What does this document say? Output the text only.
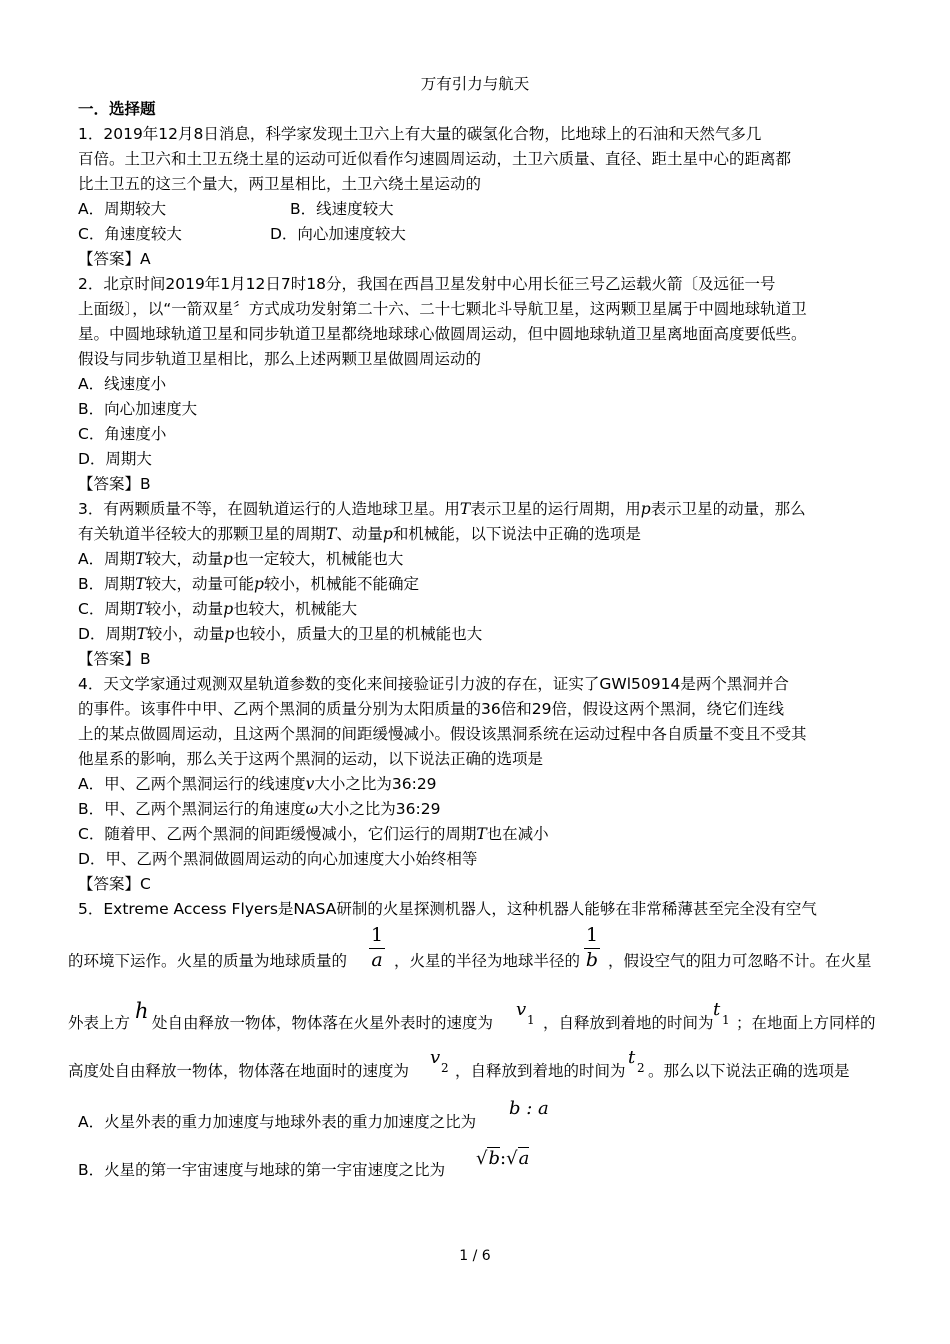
万有引力与航天
一．选择题
1．2019年12月8日消息，科学家发现土卫六上有大量的碳氢化合物，比地球上的石油和天然气多几
百倍。土卫六和土卫五绕土星的运动可近似看作匀速圆周运动，土卫六质量、直径、距土星中心的距离都
比土卫五的这三个量大，两卫星相比，土卫六绕土星运动的
A．周期较大	B．线速度较大
C．角速度较大	D．向心加速度较大
【答案】A
2．北京时间2019年1月12日7时18分，我国在西昌卫星发射中心用长征三号乙运载火箭〔及远征一号
上面级〕，以“一箭双星〞方式成功发射第二十六、二十七颗北斗导航卫星，这两颗卫星属于中圆地球轨道卫
星。中圆地球轨道卫星和同步轨道卫星都绕地球球心做圆周运动，但中圆地球轨道卫星离地面高度要低些。
假设与同步轨道卫星相比，那么上述两颗卫星做圆周运动的
A．线速度小
B．向心加速度大
C．角速度小
D．周期大
【答案】B
3．有两颗质量不等，在圆轨道运行的人造地球卫星。用T表示卫星的运行周期，用p表示卫星的动量，那么
有关轨道半径较大的那颗卫星的周期T、动量p和机械能，以下说法中正确的选项是
A．周期T较大，动量p也一定较大，机械能也大
B．周期T较大，动量可能p较小，机械能不能确定
C．周期T较小，动量p也较大，机械能大
D．周期T较小，动量p也较小，质量大的卫星的机械能也大
【答案】B
4．天文学家通过观测双星轨道参数的变化来间接验证引力波的存在，证实了GWl50914是两个黑洞并合
的事件。该事件中甲、乙两个黑洞的质量分别为太阳质量的36倍和29倍，假设这两个黑洞，绕它们连线
上的某点做圆周运动，且这两个黑洞的间距缓慢减小。假设该黑洞系统在运动过程中各自质量不变且不受其
他星系的影响，那么关于这两个黑洞的运动，以下说法正确的选项是
A．甲、乙两个黑洞运行的线速度v大小之比为36:29
B．甲、乙两个黑洞运行的角速度ω大小之比为36:29
C．随着甲、乙两个黑洞的间距缓慢减小，它们运行的周期T也在减小
D．甲、乙两个黑洞做圆周运动的向心加速度大小始终相等
【答案】C
5．Extreme Access Flyers是NASA研制的火星探测机器人，这种机器人能够在非常稀薄甚至完全没有空气
的环境下运作。火星的质量为地球质量的
1
a ，火星的半径为地球半径的
1
b ，假设空气的阻力可忽略不计。在火星
外表上方 h 处自由释放一物体，物体落在火星外表时的速度为
v 1 ，自释放到着地的时间为
t 1 ；在地面上方同样的
高度处自由释放一物体，物体落在地面时的速度为
v 2 ，自释放到着地的时间为
t 2 。那么以下说法正确的选项是
A．火星外表的重力加速度与地球外表的重力加速度之比为
b : a
B．火星的第一宇宙速度与地球的第一宇宙速度之比为
√b:√a
1 / 6
